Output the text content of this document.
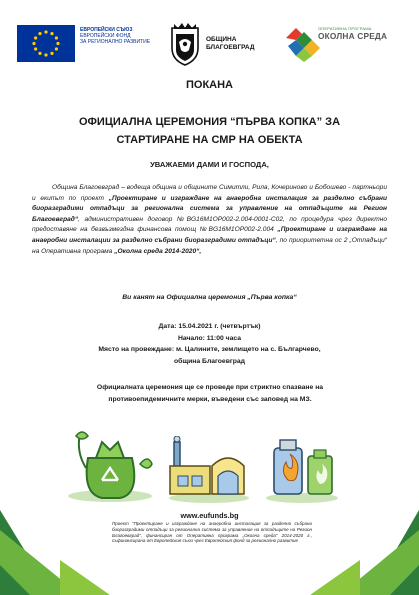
ЕВРОПЕЙСКИ СЪЮЗ
ЕВРОПЕЙСКИ ФОНД
ЗА РЕГИОНАЛНО РАЗВИТИЕ	ОБЩИНА
БЛАГОЕВГРАД
ОПЕРАТИВНА ПРОГРАМА
ОКОЛНА СРЕДА
ПОКАНА
ОФИЦИАЛНА ЦЕРЕМОНИЯ “ПЪРВА КОПКА” ЗА
СТАРТИРАНЕ НА СМР НА ОБЕКТА
УВАЖАЕМИ ДАМИ И ГОСПОДА,
Община Благоевград – водеща община и общините Симитли, Рила, Кочериново и Бобошево - партньори и екипът по проект „Проектиране и изграждане на анаеробна инсталация за разделно събрани биоразградими отпадъци за регионална система за управление на отпадъците на Регион Благоевград“, административен договор №BG16M1OP002-2.004-0001-C02, по процедура чрез директно предоставяне на безвъзмездна финансова помощ №BG16M1OP002-2.004 „Проектиране и изграждане на анаеробни инсталации за разделно събрани биоразградими отпадъци“, по приоритетна ос 2 „Отпадъци“ на Оперативна програма „Околна среда 2014-2020“,
Ви канят на Официална церемония „Първа копка“
Дата: 15.04.2021 г. (четвъртък)
Начало: 11:00 часа
Място на провеждане: м. Цалините, землището на с. Българчево,
община Благоевград
Официалната церемония ще се проведе при стриктно спазване на противоепидемичните мерки, въведени със заповед на МЗ.
www.eufunds.bg
Проект “Проектиране и изграждане на анаеробна инсталация за разделно събрани биоразградими отпадъци за регионална система за управление на отпадъците на Регион Благоевград”, финансиран от Оперативна програма „Околна среда” 2014-2020 г., съфинансирана от Европейския съюз чрез Европейския фонд за регионално развитие
